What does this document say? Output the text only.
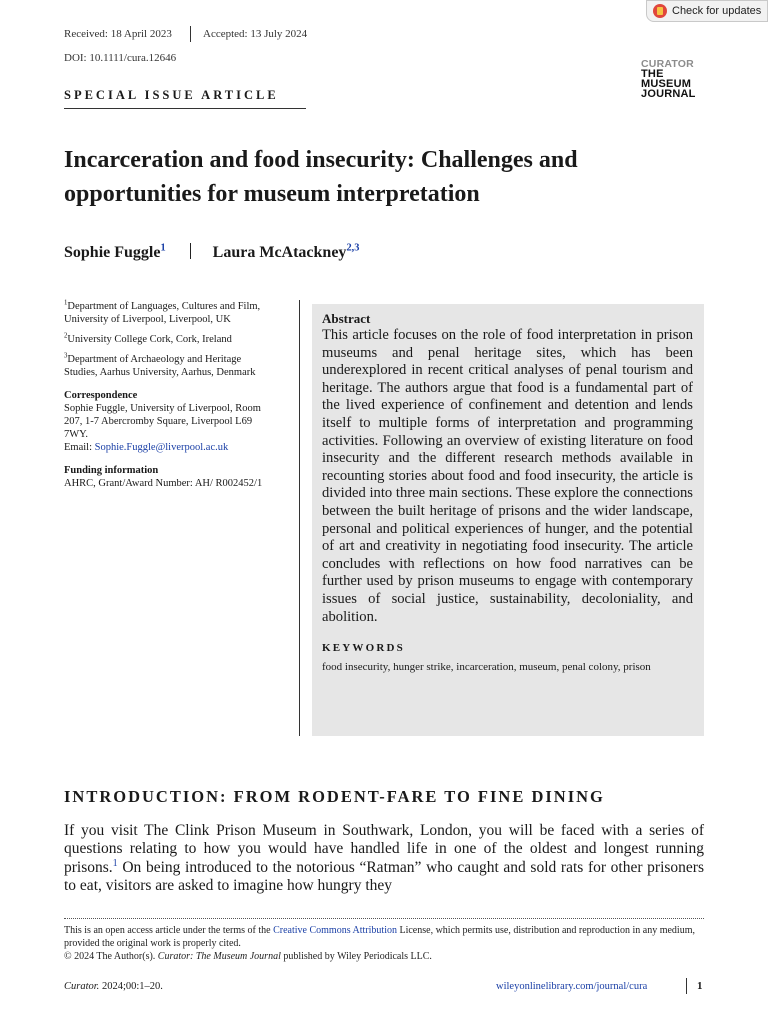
Received: 18 April 2023	Accepted: 13 July 2024
DOI: 10.1111/cura.12646
Check for updates
CURATOR
THE
MUSEUM
JOURNAL
SPECIAL ISSUE ARTICLE
Incarceration and food insecurity: Challenges and opportunities for museum interpretation
Sophie Fuggle$^1$	Laura McAtackney$^{2,3}$

$^1$Department of Languages, Cultures and Film, University of Liverpool, Liverpool, UK

$^2$University College Cork, Cork, Ireland

$^3$Department of Archaeology and Heritage Studies, Aarhus University, Aarhus, Denmark

Correspondence

Sophie Fuggle, University of Liverpool, Room 207, 1-7 Abercromby Square, Liverpool L69 7WY.

Email: Sophie.Fuggle@liverpool.ac.uk

Funding information

AHRC, Grant/Award Number: AH/ R002452/1

Abstract
This article focuses on the role of food interpretation in prison museums and penal heritage sites, which has been underexplored in recent critical analyses of penal tourism and heritage. The authors argue that food is a fundamental part of the lived experience of confinement and detention and lends itself to multiple forms of interpretation and programming activities. Following an overview of existing literature on food insecurity and the different research methods available in recounting stories about food and food insecurity, the article is divided into three main sections. These explore the connections between the built heritage of prisons and the wider landscape, personal and political experiences of hunger, and the potential of art and creativity in negotiating food insecurity. The article concludes with reflections on how food narratives can be further used by prison museums to engage with contemporary issues of social justice, sustainability, decoloniality, and abolition.
KEYWORDS
food insecurity, hunger strike, incarceration, museum, penal colony, prison
INTRODUCTION: FROM RODENT-FARE TO FINE DINING
If you visit The Clink Prison Museum in Southwark, London, you will be faced with a series of questions relating to how you would have handled life in one of the oldest and longest running prisons.$^1$ On being introduced to the notorious “Ratman” who caught and sold rats for other prisoners to eat, visitors are asked to imagine how hungry they
This is an open access article under the terms of the Creative Commons Attribution License, which permits use, distribution and reproduction in any medium, provided the original work is properly cited.
© 2024 The Author(s). Curator: The Museum Journal published by Wiley Periodicals LLC.
Curator. 2024;00:1–20.	wileyonlinelibrary.com/journal/cura	1
